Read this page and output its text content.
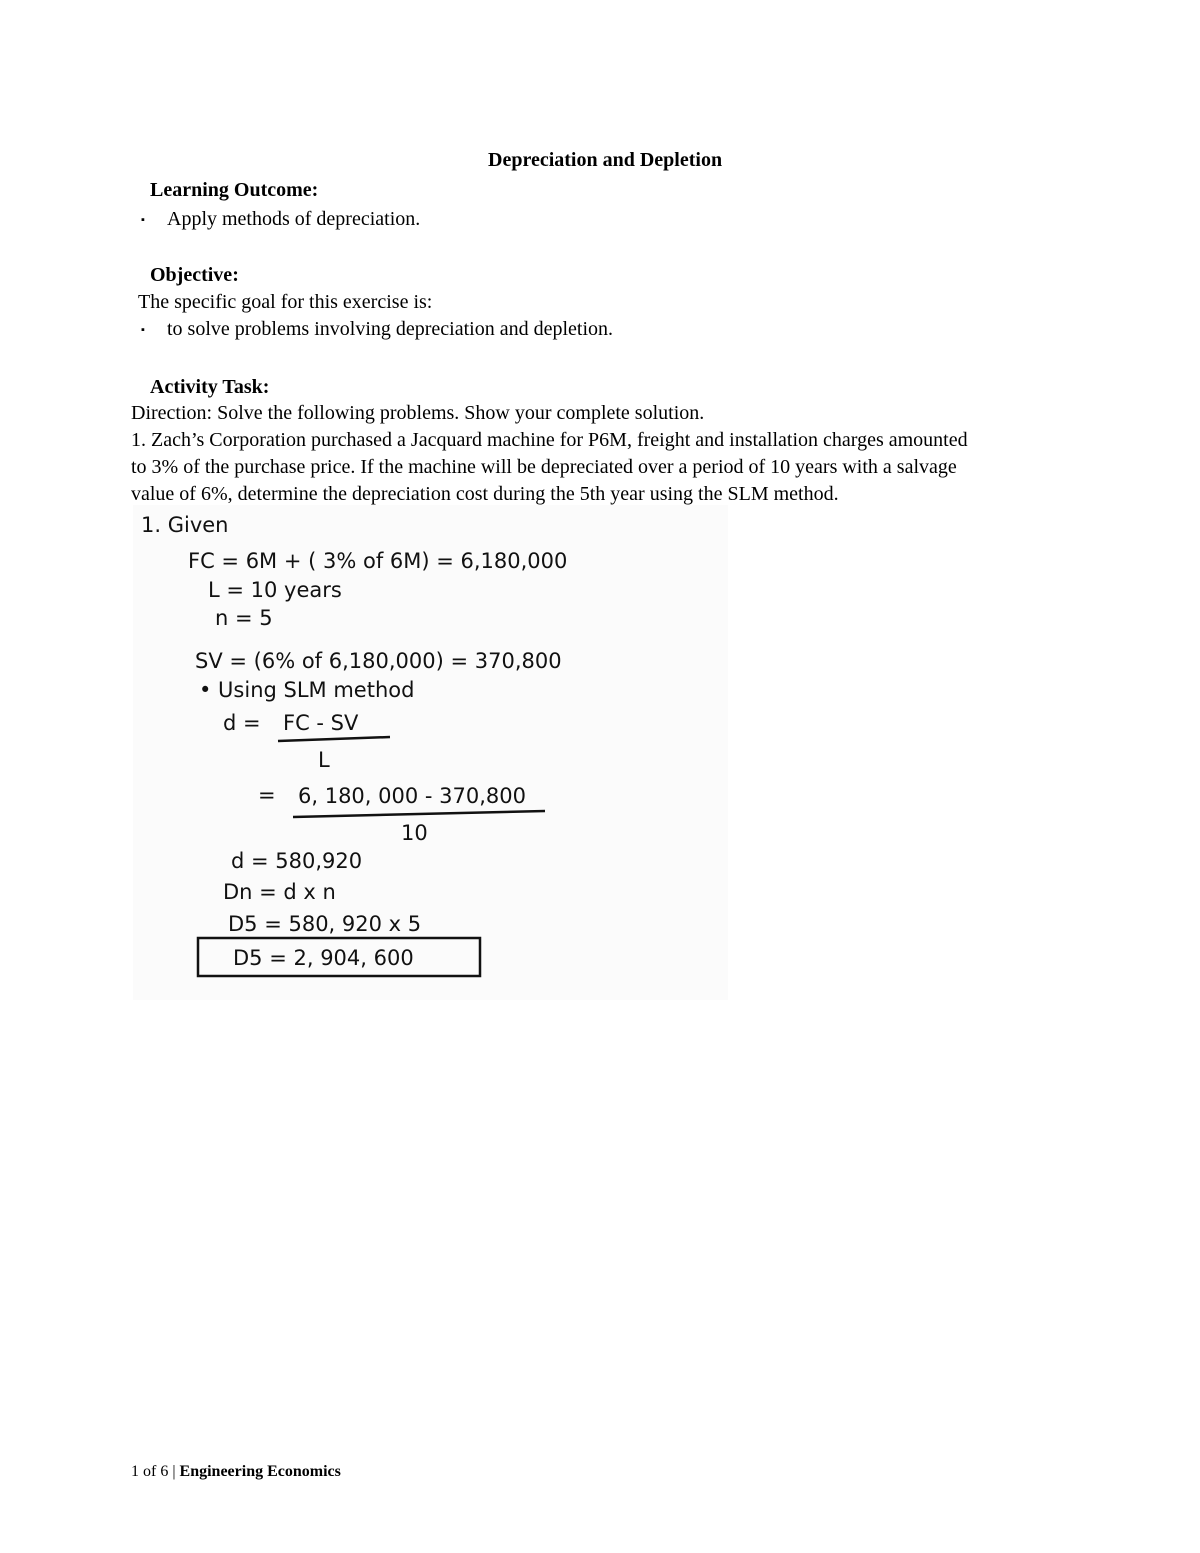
Depreciation and Depletion
Learning Outcome:
▪ Apply methods of depreciation.
Objective:
The specific goal for this exercise is:
▪ to solve problems involving depreciation and depletion.
Activity Task:
Direction: Solve the following problems. Show your complete solution.
1. Zach’s Corporation purchased a Jacquard machine for P6M, freight and installation charges amounted
to 3% of the purchase price. If the machine will be depreciated over a period of 10 years with a salvage
value of 6%, determine the depreciation cost during the 5th year using the SLM method.
1. Given
FC = 6M + ( 3% of 6M) = 6,180,000
L = 10 years
n = 5
SV = (6% of 6,180,000) = 370,800
• Using SLM method
d = FC - SV
L
= 6, 180, 000 - 370,800
10
d = 580,920
Dn = d x n
D5 = 580, 920 x 5
D5 = 2, 904, 600
1 of 6 | Engineering Economics
